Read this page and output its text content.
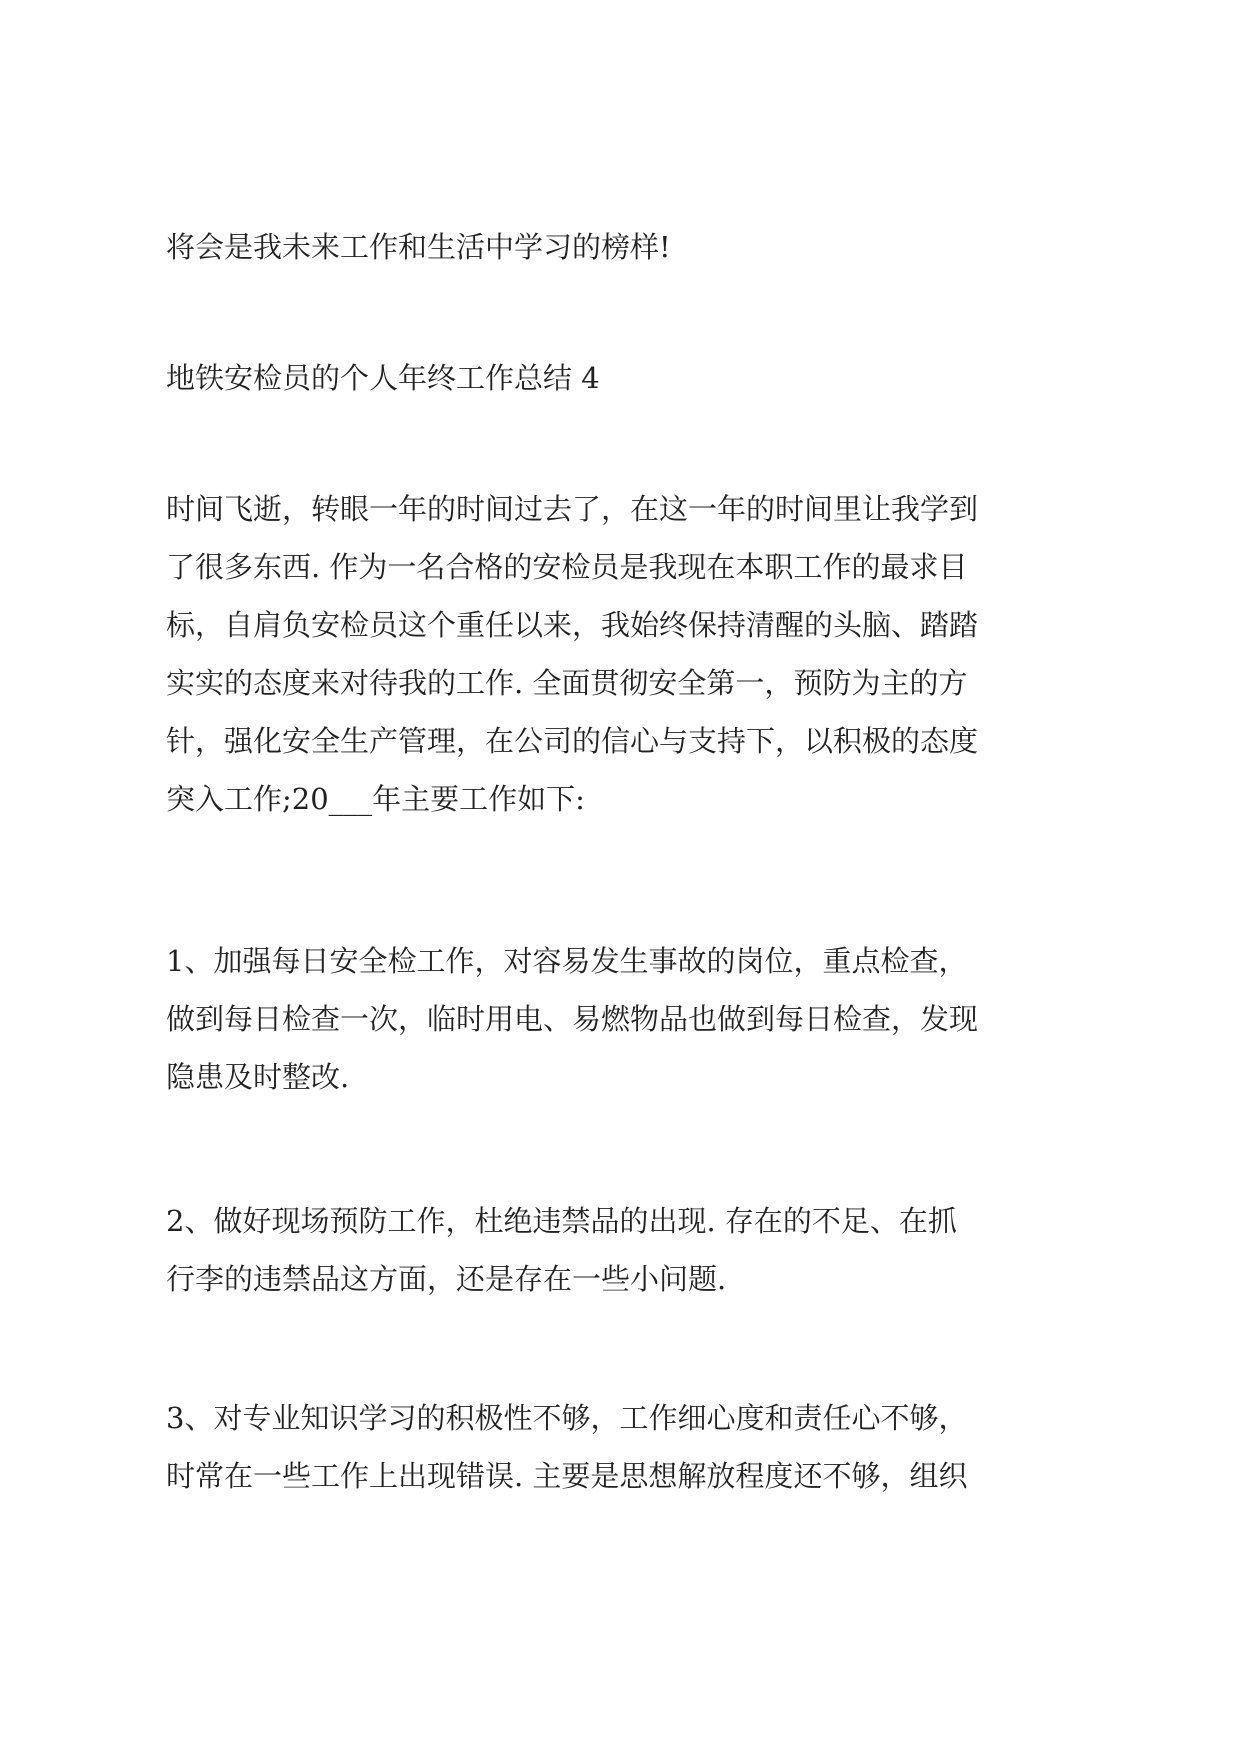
将会是我未来工作和生活中学习的榜样!
地铁安检员的个人年终工作总结 4
时间飞逝，转眼一年的时间过去了，在这一年的时间里让我学到
了很多东西. 作为一名合格的安检员是我现在本职工作的最求目
标，自肩负安检员这个重任以来，我始终保持清醒的头脑、踏踏
实实的态度来对待我的工作. 全面贯彻安全第一，预防为主的方
针，强化安全生产管理，在公司的信心与支持下，以积极的态度
突入工作;20___年主要工作如下:
1、加强每日安全检工作，对容易发生事故的岗位，重点检查，
做到每日检查一次，临时用电、易燃物品也做到每日检查，发现
隐患及时整改.
2、做好现场预防工作，杜绝违禁品的出现. 存在的不足、在抓
行李的违禁品这方面，还是存在一些小问题.
3、对专业知识学习的积极性不够，工作细心度和责任心不够，
时常在一些工作上出现错误. 主要是思想解放程度还不够，组织
